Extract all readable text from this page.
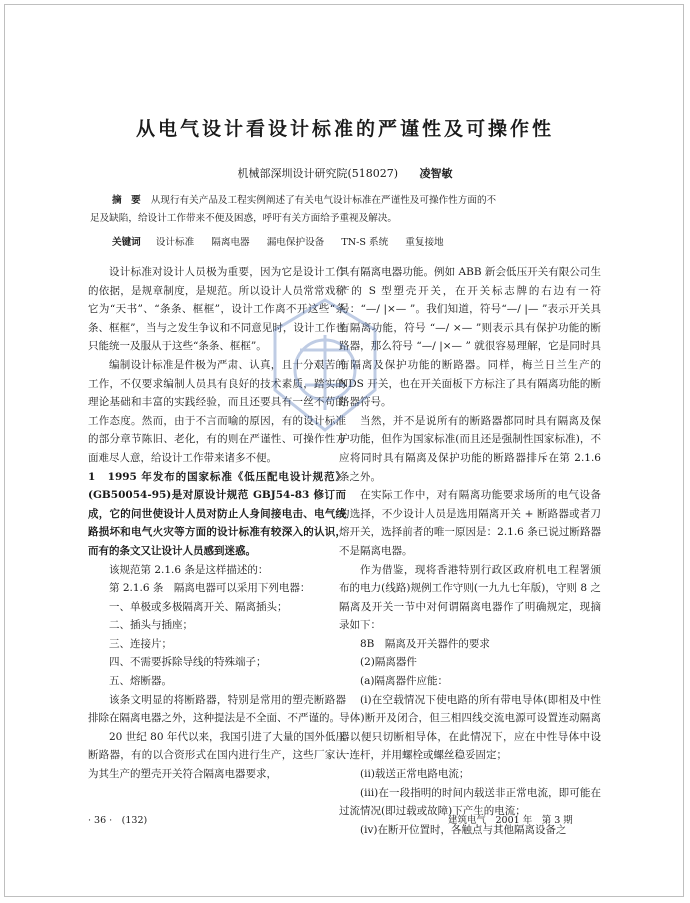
从电气设计看设计标准的严谨性及可操作性
机械部深圳设计研究院(518027) 凌智敏

摘　要 从现行有关产品及工程实例阐述了有关电气设计标准在严谨性及可操作性方面的不

足及缺陷，给设计工作带来不便及困惑，呼吁有关方面给予重视及解决。

关键词 设计标准 隔离电器 漏电保护设备 TN-S 系统 重复接地

设计标准对设计人员极为重要，因为它是设计工作的依据，是规章制度，是规范。所以设计人员常常戏称它为“天书”、“条条、框框”，设计工作离不开这些“条条、框框”，当与之发生争议和不同意见时，设计工作也只能统一及服从于这些“条条、框框”。

编制设计标准是件极为严肃、认真，且十分艰苦的工作，不仅要求编制人员具有良好的技术素质，踏实的理论基础和丰富的实践经验，而且还要具有一丝不苟的工作态度。然而，由于不言而喻的原因，有的设计标准的部分章节陈旧、老化，有的则在严谨性、可操作性方面难尽人意，给设计工作带来诸多不便。

1　1995 年发布的国家标准《低压配电设计规范》(GB50054-95)是对原设计规范 GBJ54-83 修订而成，它的问世使设计人员对防止人身间接电击、电气线路损坏和电气火灾等方面的设计标准有较深入的认识，而有的条文又让设计人员感到迷惑。

该规范第 2.1.6 条是这样描述的：

第 2.1.6 条　隔离电器可以采用下列电器：

一、单极或多极隔离开关、隔离插头；

二、插头与插座；

三、连接片；

四、不需要拆除导线的特殊端子；

五、熔断器。

该条文明显的将断路器，特别是常用的塑壳断路器排除在隔离电器之外，这种提法是不全面、不严谨的。

20 世纪 80 年代以来，我国引进了大量的国外低压断路器，有的以合资形式在国内进行生产，这些厂家认为其生产的塑壳开关符合隔离电器要求，

具有隔离电器功能。例如 ABB 新会低压开关有限公司生产的 S 型塑壳开关，在开关标志牌的右边有一符号：“—/ |×— ”。我们知道，符号“—/ |— ”表示开关具有隔离功能，符号 “—/ ×— ”则表示具有保护功能的断路器，那么符号 “—/ |×— ” 就很容易理解，它是同时具有隔离及保护功能的断路器。同样，梅兰日兰生产的 NDS 开关，也在开关面板下方标注了具有隔离功能的断路器符号。

当然，并不是说所有的断路器都同时具有隔离及保护功能，但作为国家标准(而且还是强制性国家标准)，不应将同时具有隔离及保护功能的断路器排斥在第 2.1.6 条之外。

在实际工作中，对有隔离功能要求场所的电气设备的选择，不少设计人员是选用隔离开关 + 断路器或者刀熔开关，选择前者的唯一原因是：2.1.6 条已说过断路器不是隔离电器。

作为借鉴，现将香港特别行政区政府机电工程署颁布的电力(线路)规例工作守则(一九九七年版)，守则 8 之隔离及开关一节中对何谓隔离电器作了明确规定，现摘录如下：

8B　隔离及开关器件的要求

(2)隔离器件

(a)隔离器件应能：

(i)在空载情况下使电路的所有带电导体(即相及中性导体)断开及闭合，但三相四线交流电源可设置连动隔离器以便只切断相导体，在此情况下，应在中性导体中设一连杆，并用螺栓或螺丝稳妥固定；

(ii)载送正常电路电流；

(iii)在一段指明的时间内载送非正常电流，即可能在过流情况(即过载或故障)下产生的电流；

(iv)在断开位置时，各触点与其他隔离设备之

· 36 ·　(132)	建筑电气　2001 年　第 3 期
